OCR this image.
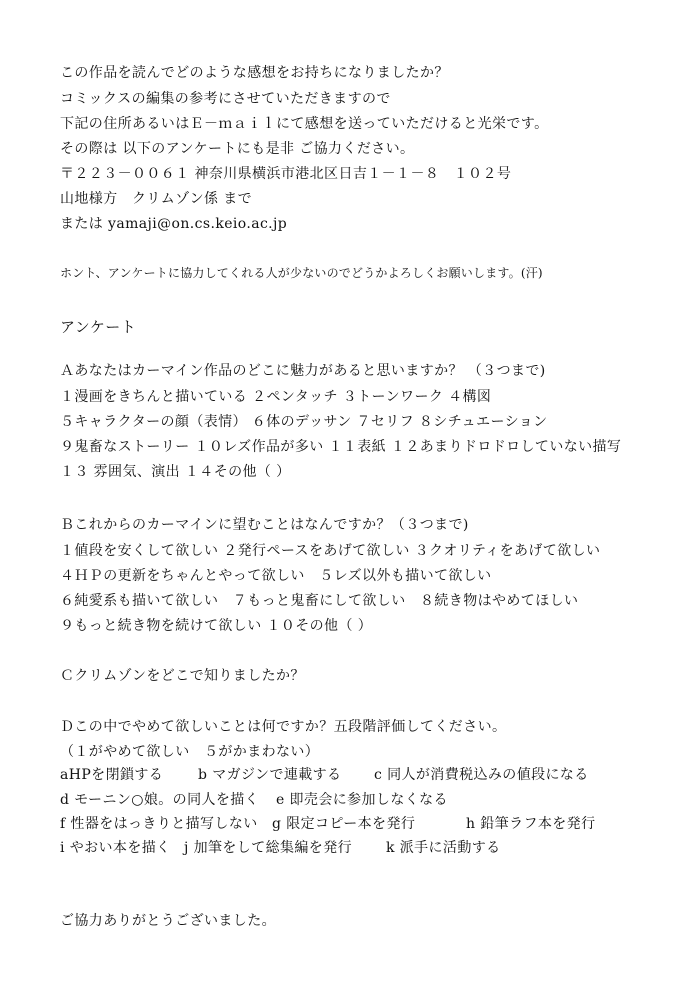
この作品を読んでどのような感想をお持ちになりましたか？
コミックスの編集の参考にさせていただきますので
下記の住所あるいはＥ－ｍａｉｌにて感想を送っていただけると光栄です。
その際は 以下のアンケートにも是非 ご協力ください。
〒２２３－００６１ 神奈川県横浜市港北区日吉１－１－８　１０２号
山地様方　クリムゾン係 まで
または yamaji@on.cs.keio.ac.jp
ホント、アンケートに協力してくれる人が少ないのでどうかよろしくお願いします。(汗)
アンケート
Ａあなたはカーマイン作品のどこに魅力があると思いますか？ （３つまで)
１漫画をきちんと描いている ２ペンタッチ ３トーンワーク ４構図
５キャラクターの顔（表情） ６体のデッサン ７セリフ ８シチュエーション
９鬼畜なストーリー １０レズ作品が多い １１表紙 １２あまりドロドロしていない描写
１３ 雰囲気、演出 １４その他（ ）
Ｂこれからのカーマインに望むことはなんですか？（３つまで)
１値段を安くして欲しい ２発行ペースをあげて欲しい ３クオリティをあげて欲しい
４ＨＰの更新をちゃんとやって欲しい　５レズ以外も描いて欲しい
６純愛系も描いて欲しい　７もっと鬼畜にして欲しい　８続き物はやめてほしい
９もっと続き物を続けて欲しい １０その他（ ）
Ｃクリムゾンをどこで知りましたか？
Ｄこの中でやめて欲しいことは何ですか？五段階評価してください。
（１がやめて欲しい　５がかまわない）
aHPを閉鎖する	b マガジンで連載する	c 同人が消費税込みの値段になる
d モーニン○娘。の同人を描く	e 即売会に参加しなくなる
f 性器をはっきりと描写しない	g 限定コピー本を発行	h 鉛筆ラフ本を発行
i やおい本を描く j 加筆をして総集編を発行	k 派手に活動する
ご協力ありがとうございました。
